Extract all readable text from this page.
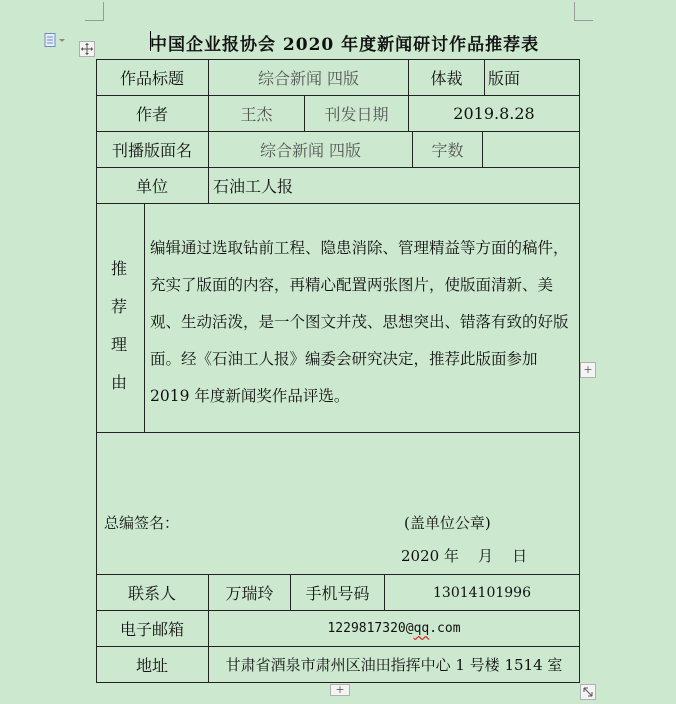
中国企业报协会 2020 年度新闻研讨作品推荐表
作品标题	综合新闻 四版	体裁	版面
作者	王杰	刊发日期	2019.8.28
刊播版面名	综合新闻 四版	字数
单位	石油工人报
推荐理由
编辑通过选取钻前工程、隐患消除、管理精益等方面的稿件，充实了版面的内容，再精心配置两张图片，使版面清新、美观、生动活泼，是一个图文并茂、思想突出、错落有致的好版面。经《石油工人报》编委会研究决定，推荐此版面参加 2019 年度新闻奖作品评选。
总编签名：	(盖单位公章)
2020 年    月    日
联系人	万瑞玲	手机号码	13014101996
电子邮箱	1229817320@ qq .com
地址	甘肃省酒泉市肃州区油田指挥中心 1 号楼 1514 室
+
+
